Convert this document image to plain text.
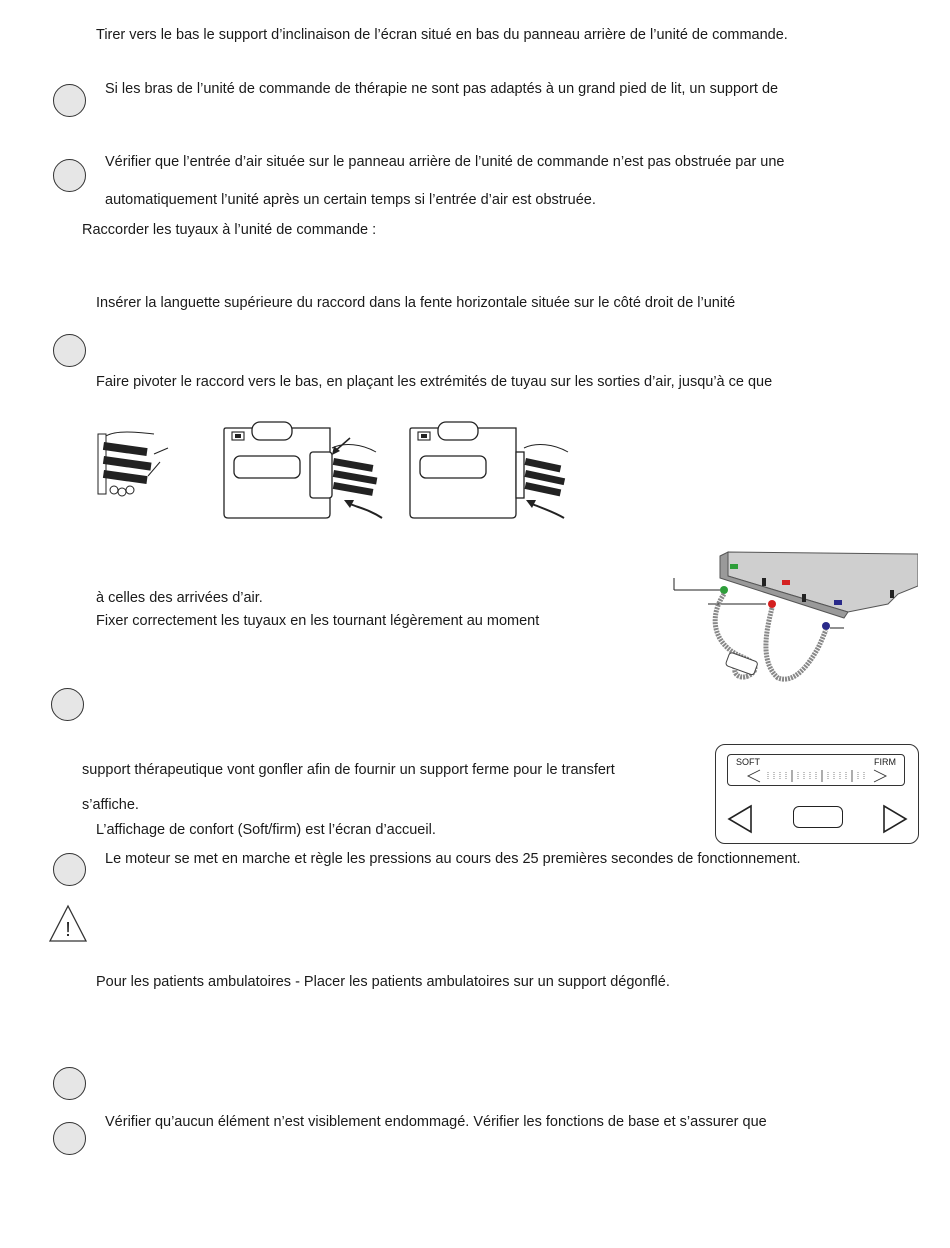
Tirer vers le bas le support d’inclinaison de l’écran situé en bas du panneau arrière de l’unité de commande.
Si les bras de l’unité de commande de thérapie ne sont pas adaptés à un grand pied de lit, un support de
Vérifier que l’entrée d’air située sur le panneau arrière de l’unité de commande n’est pas obstruée par une
automatiquement l’unité après un certain temps si l’entrée d’air est obstruée.
Raccorder les tuyaux à l’unité de commande :
Insérer la languette supérieure du raccord dans la fente horizontale située sur le côté droit de l’unité
Faire pivoter le raccord vers le bas, en plaçant les extrémités de tuyau sur les sorties d’air, jusqu’à ce que
à celles des arrivées d’air.
Fixer correctement les tuyaux en les tournant légèrement au moment
support thérapeutique vont gonfler afin de fournir un support ferme pour le transfert
s’affiche.
L’affichage de confort (Soft/firm) est l’écran d’accueil.
Le moteur se met en marche et règle les pressions au cours des 25 premières secondes de fonctionnement.
Pour les patients ambulatoires - Placer les patients ambulatoires sur un support dégonflé.
Vérifier qu’aucun élément n’est visiblement endommagé. Vérifier les fonctions de base et s’assurer que
!
SOFT	FIRM
